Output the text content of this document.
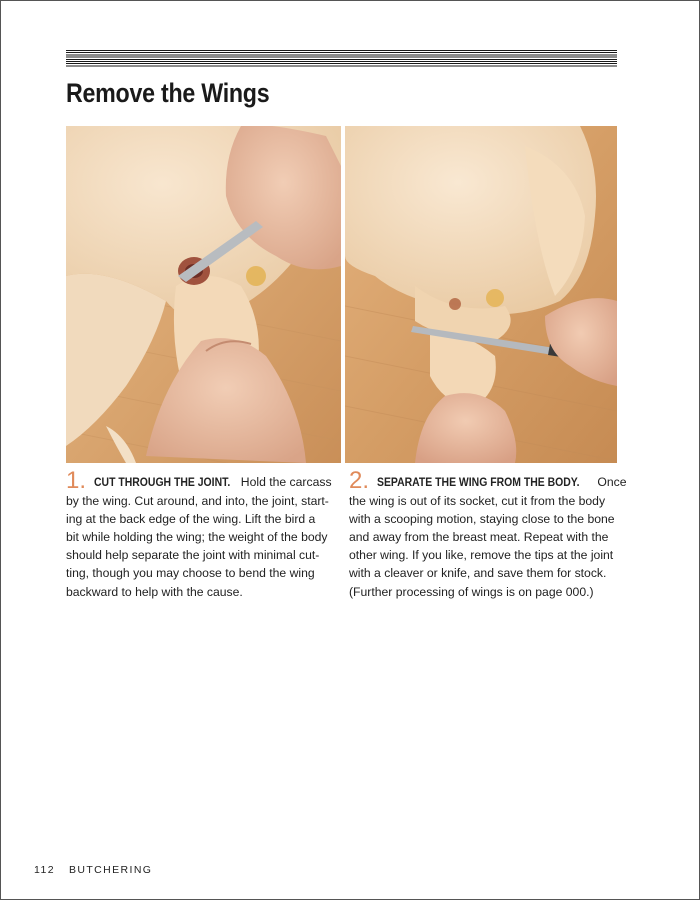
Remove the Wings
1. CUT THROUGH THE JOINT. Hold the carcass
by the wing. Cut around, and into, the joint, start-
ing at the back edge of the wing. Lift the bird a
bit while holding the wing; the weight of the body
should help separate the joint with minimal cut-
ting, though you may choose to bend the wing
backward to help with the cause.
2. SEPARATE THE WING FROM THE BODY. Once
the wing is out of its socket, cut it from the body
with a scooping motion, staying close to the bone
and away from the breast meat. Repeat with the
other wing. If you like, remove the tips at the joint
with a cleaver or knife, and save them for stock.
(Further processing of wings is on page 000.)
112 BUTCHERING
